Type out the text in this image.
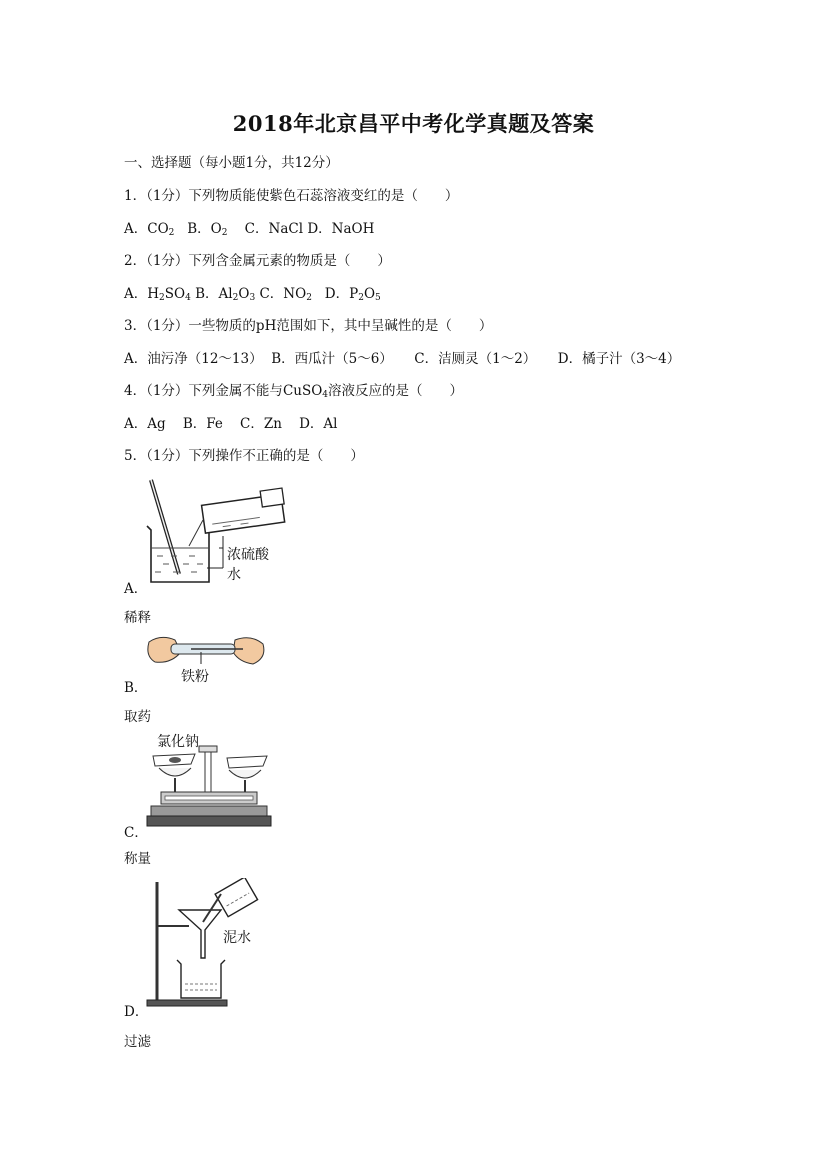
2018年北京昌平中考化学真题及答案
一、选择题（每小题1分，共12分）
1．（1分）下列物质能使紫色石蕊溶液变红的是（　　）
A．$CO_2$ B．$O_2$ C．NaCl D．NaOH
2．（1分）下列含金属元素的物质是（　　）
A．$H_2SO_4$ B．$Al_2O_3$ C．$NO_2$ D．$P_2O_5$
3．（1分）一些物质的pH范围如下，其中呈碱性的是（　　）
A．油污净（12～13） B．西瓜汁（5～6） C．洁厕灵（1～2） D．橘子汁（3～4）
4．（1分）下列金属不能与CuSO$_4$溶液反应的是（　　）
A．Ag B．Fe C．Zn D．Al
5．（1分）下列操作不正确的是（　　）
浓硫酸
水
A．
稀释
铁粉
B．
取药
氯化钠
C．
称量
泥水
D．
过滤
